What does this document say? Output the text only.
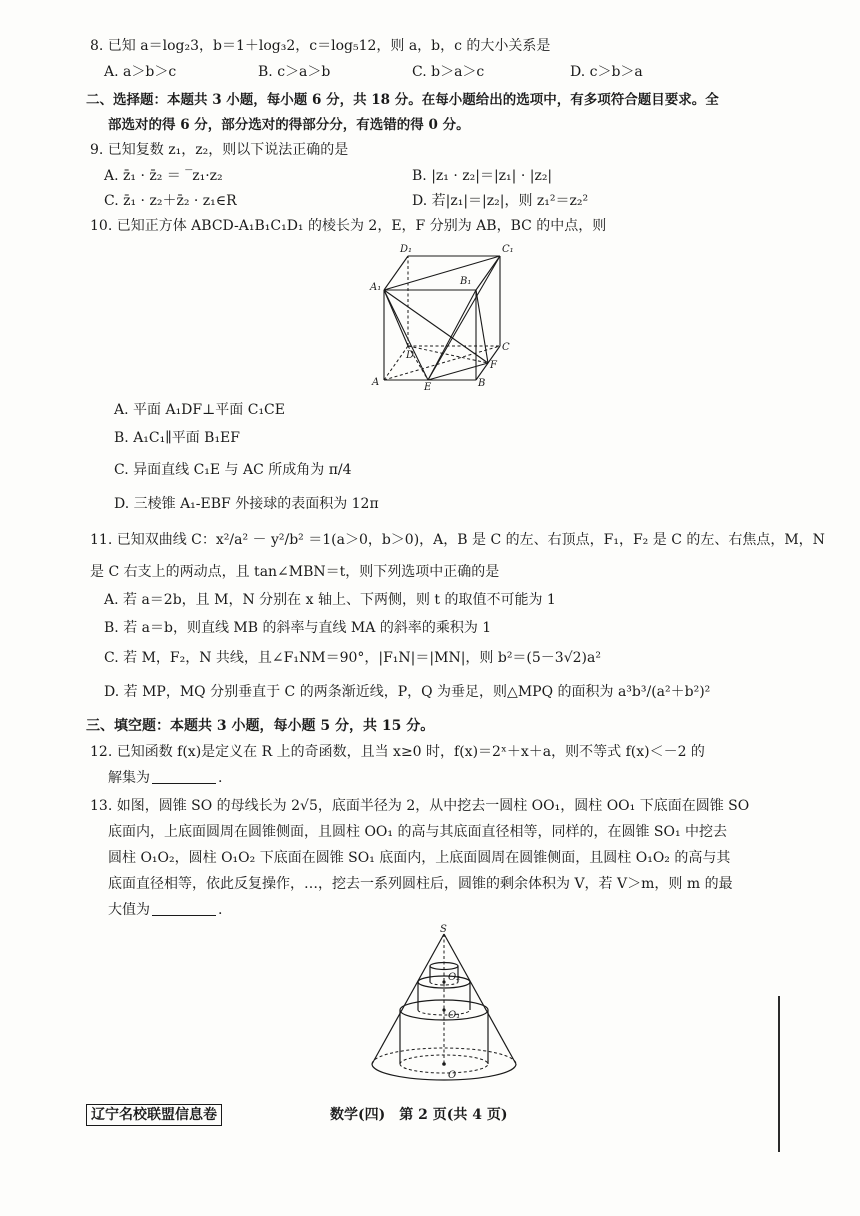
8. 已知 a＝log₂3，b＝1＋log₃2，c＝log₅12，则 a，b，c 的大小关系是
A. a＞b＞c	B. c＞a＞b	C. b＞a＞c	D. c＞b＞a
二、选择题：本题共 3 小题，每小题 6 分，共 18 分。在每小题给出的选项中，有多项符合题目要求。全
部选对的得 6 分，部分选对的得部分分，有选错的得 0 分。
9. 已知复数 z₁，z₂，则以下说法正确的是
A. z̄₁ · z̄₂ ＝ ‾z₁·z₂	B. |z₁ · z₂|＝|z₁| · |z₂|
C. z̄₁ · z₂＋z̄₂ · z₁∈R	D. 若|z₁|＝|z₂|，则 z₁²＝z₂²
10. 已知正方体 ABCD-A₁B₁C₁D₁ 的棱长为 2，E，F 分别为 AB，BC 的中点，则
D₁	C₁
A₁
B₁
D
C
F
A	E	B
A. 平面 A₁DF⊥平面 C₁CE
B. A₁C₁∥平面 B₁EF
C. 异面直线 C₁E 与 AC 所成角为 π/4
D. 三棱锥 A₁-EBF 外接球的表面积为 12π
11. 已知双曲线 C：x²/a² － y²/b² ＝1(a＞0，b＞0)，A，B 是 C 的左、右顶点，F₁，F₂ 是 C 的左、右焦点，M，N
是 C 右支上的两动点，且 tan∠MBN＝t，则下列选项中正确的是
A. 若 a＝2b，且 M，N 分别在 x 轴上、下两侧，则 t 的取值不可能为 1
B. 若 a＝b，则直线 MB 的斜率与直线 MA 的斜率的乘积为 1
C. 若 M，F₂，N 共线，且∠F₁NM＝90°，|F₁N|＝|MN|，则 b²＝(5－3√2)a²
D. 若 MP，MQ 分别垂直于 C 的两条渐近线，P，Q 为垂足，则△MPQ 的面积为 a³b³/(a²＋b²)²
三、填空题：本题共 3 小题，每小题 5 分，共 15 分。
12. 已知函数 f(x)是定义在 R 上的奇函数，且当 x≥0 时，f(x)＝2ˣ＋x＋a，则不等式 f(x)＜－2 的
解集为	.
13. 如图，圆锥 SO 的母线长为 2√5，底面半径为 2，从中挖去一圆柱 OO₁，圆柱 OO₁ 下底面在圆锥 SO
底面内，上底面圆周在圆锥侧面，且圆柱 OO₁ 的高与其底面直径相等，同样的，在圆锥 SO₁ 中挖去
圆柱 O₁O₂，圆柱 O₁O₂ 下底面在圆锥 SO₁ 底面内，上底面圆周在圆锥侧面，且圆柱 O₁O₂ 的高与其
底面直径相等，依此反复操作，…，挖去一系列圆柱后，圆锥的剩余体积为 V，若 V＞m，则 m 的最
大值为	.
S
O₂
O₁
O
辽宁名校联盟信息卷	数学(四)　第 2 页(共 4 页)
